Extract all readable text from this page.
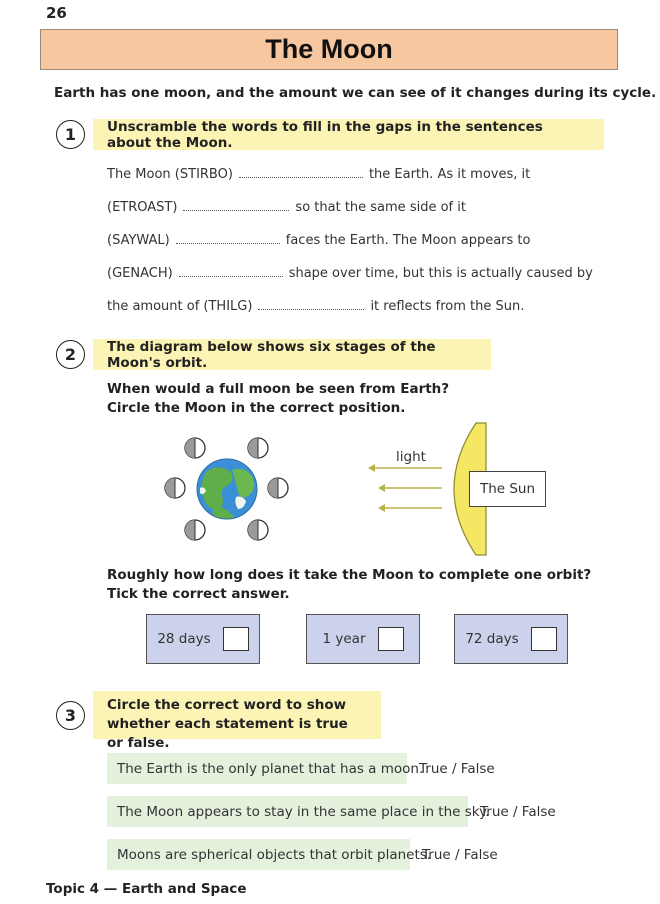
26
The Moon
Earth has one moon, and the amount we can see of it changes during its cycle.
1	Unscramble the words to fill in the gaps in the sentences about the Moon.
The Moon (STIRBO)	the Earth. As it moves, it
(ETROAST)	so that the same side of it
(SAYWAL)	faces the Earth. The Moon appears to
(GENACH)	shape over time, but this is actually caused by
the amount of (THILG)	it reflects from the Sun.
2	The diagram below shows six stages of the Moon's orbit.
When would a full moon be seen from Earth?
Circle the Moon in the correct position.
light
The Sun
Roughly how long does it take the Moon to complete one orbit?
Tick the correct answer.
28 days	1 year	72 days
3
Circle the correct word to show
whether each statement is true or false.
The Earth is the only planet that has a moon.
True / False
The Moon appears to stay in the same place in the sky.
True / False
Moons are spherical objects that orbit planets.
True / False
Topic 4 — Earth and Space
